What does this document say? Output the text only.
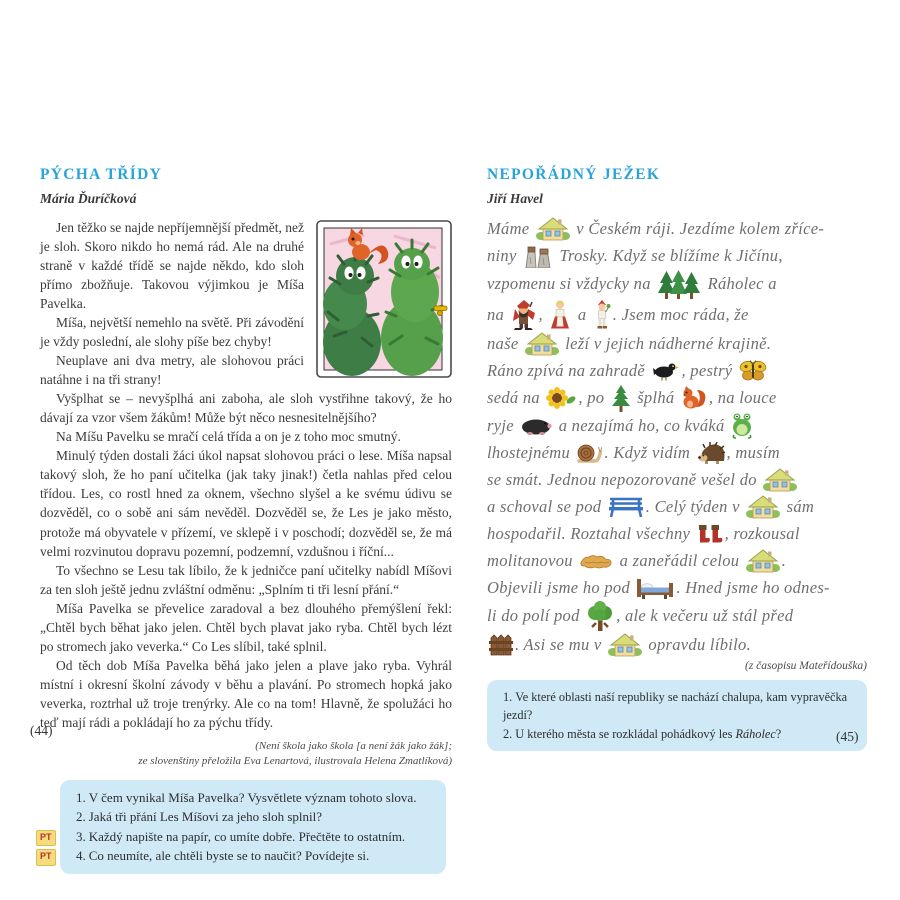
PÝCHA TŘÍDY
Mária Ďuríčková

Jen těžko se najde nepříjemnější předmět, než je sloh. Skoro nikdo ho nemá rád. Ale na druhé straně v každé třídě se najde někdo, kdo sloh přímo zbožňuje. Takovou výjimkou je Míša Pavelka.

Míša, největší nemehlo na světě. Při závodění je vždy poslední, ale slohy píše bez chyby!

Neuplave ani dva metry, ale slohovou práci natáhne i na tři strany!

Vyšplhat se – nevyšplhá ani zaboha, ale sloh vystřihne takový, že ho dávají za vzor všem žákům! Může být něco nesnesitelnějšího?

Na Míšu Pavelku se mračí celá třída a on je z toho moc smutný.

Minulý týden dostali žáci úkol napsat slohovou práci o lese. Míša napsal takový sloh, že ho paní učitelka (jak taky jinak!) četla nahlas před celou třídou. Les, co rostl hned za oknem, všechno slyšel a ke svému údivu se dozvěděl, co o sobě ani sám nevěděl. Dozvěděl se, že Les je jako město, protože má obyvatele v přízemí, ve sklepě i v poschodí; dozvěděl se, že má velmi rozvinutou dopravu pozemní, podzemní, vzdušnou i říční...

To všechno se Lesu tak líbilo, že k jedničce paní učitelky nabídl Míšovi za ten sloh ještě jednu zvláštní odměnu: „Splním ti tři lesní přání.“

Míša Pavelka se převelice zaradoval a bez dlouhého přemýšlení řekl: „Chtěl bych běhat jako jelen. Chtěl bych plavat jako ryba. Chtěl bych lézt po stromech jako veverka.“ Co Les slíbil, také splnil.

Od těch dob Míša Pavelka běhá jako jelen a plave jako ryba. Vyhrál místní i okresní školní závody v běhu a plavání. Po stromech hopká jako veverka, roztrhal už troje trenýrky. Ale co na tom! Hlavně, že spolužáci ho teď mají rádi a pokládají ho za pýchu třídy.

(Není škola jako škola [a není žák jako žák];
ze slovenštiny přeložila Eva Lenartová, ilustrovala Helena Zmatlíková)
1. V čem vynikal Míša Pavelka? Vysvětlete význam tohoto slova.
2. Jaká tři přání Les Míšovi za jeho sloh splnil?
PT	3. Každý napište na papír, co umíte dobře. Přečtěte to ostatním.
PT	4. Co neumíte, ale chtěli byste se to naučit? Povídejte si.
NEPOŘÁDNÝ JEŽEK
Jiří Havel
Máme v Českém ráji. Jezdíme kolem zříce-
niny Trosky. Když se blížíme k Jičínu,
vzpomenu si vždycky na	Ráholec a
na , a . Jsem moc ráda, že
naše leží v jejich nádherné krajině.
Ráno zpívá na zahradě , pestrý
sedá na , po šplhá , na louce
ryje a nezajímá ho, co kváká
lhostejnému . Když vidím , musím
se smát. Jednou nepozorovaně vešel do
a schoval se pod . Celý týden v sám
hospodařil. Roztahal všechny , rozkousal
molitanovou a zaneřádil celou .
Objevili jsme ho pod	. Hned jsme ho odnes-
li do polí pod , ale k večeru už stál před
. Asi se mu v opravdu líbilo.
(z časopisu Mateřídouška)
1. Ve které oblasti naší republiky se nachází chalupa, kam vypravěčka jezdí?
2. U kterého města se rozkládal pohádkový les Ráholec?
(44)	(45)
